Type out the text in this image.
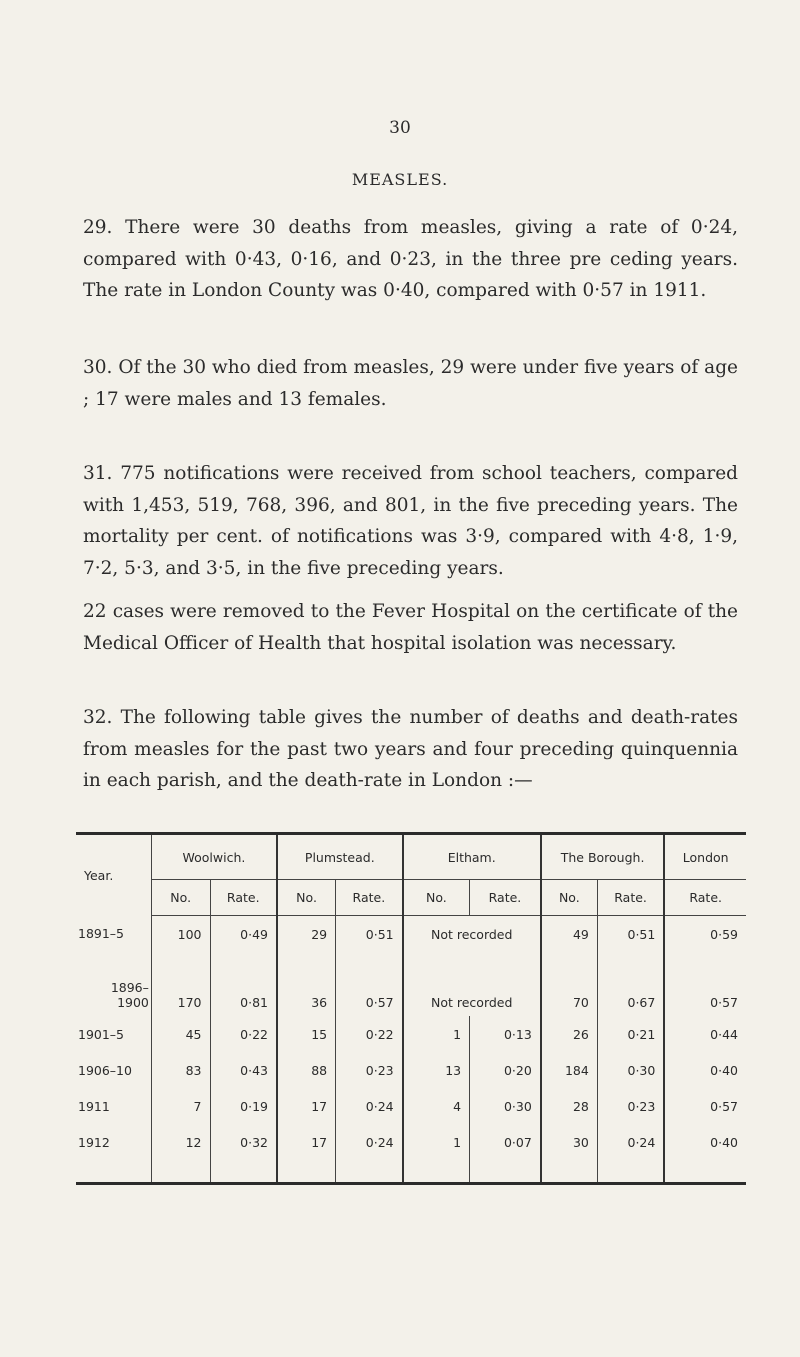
30
MEASLES.

29. There were 30 deaths from measles, giving a rate of 0·24, compared with 0·43, 0·16, and 0·23, in the three pre ceding years. The rate in London County was 0·40, compared with 0·57 in 1911.

30. Of the 30 who died from measles, 29 were under five years of age ; 17 were males and 13 females.

31. 775 notifications were received from school teachers, compared with 1,453, 519, 768, 396, and 801, in the five preceding years. The mortality per cent. of notifications was 3·9, compared with 4·8, 1·9, 7·2, 5·3, and 3·5, in the five preceding years.

22 cases were removed to the Fever Hospital on the certificate of the Medical Officer of Health that hospital isolation was necessary.

32. The following table gives the number of deaths and death-rates from measles for the past two years and four preceding quinquennia in each parish, and the death-rate in London :—

Year.	Woolwich.		Plumstead.		Eltham.		The Borough.		London
	No.	Rate.	No.	Rate.	No.	Rate.	No.	Rate.	Rate.
1891–5	100	0·49	29	0·51	Not recorded		49	0·51	0·59
1896– 1900	170	0·81	36	0·57	Not recorded		70	0·67	0·57
1901–5	45	0·22	15	0·22	1	0·13	26	0·21	0·44
1906–10	83	0·43	88	0·23	13	0·20	184	0·30	0·40
1911	7	0·19	17	0·24	4	0·30	28	0·23	0·57
1912	12	0·32	17	0·24	1	0·07	30	0·24	0·40
